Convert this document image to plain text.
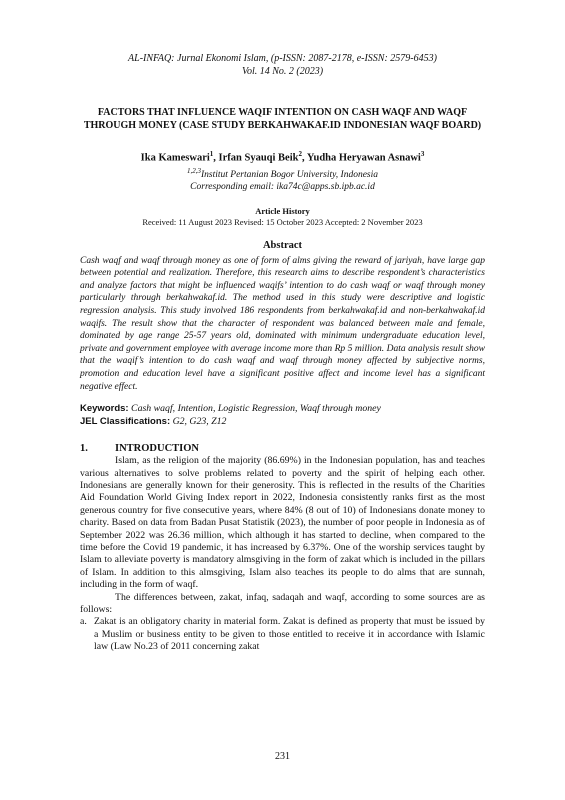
AL-INFAQ: Jurnal Ekonomi Islam, (p-ISSN: 2087-2178, e-ISSN: 2579-6453)
Vol. 14 No. 2 (2023)
FACTORS THAT INFLUENCE WAQIF INTENTION ON CASH WAQF AND WAQF THROUGH MONEY (CASE STUDY BERKAHWAKAF.ID INDONESIAN WAQF BOARD)
Ika Kameswari$^1$, Irfan Syauqi Beik$^2$, Yudha Heryawan Asnawi$^3$
$^{1,2,3}$Institut Pertanian Bogor University, Indonesia
Corresponding email: ika74c@apps.sb.ipb.ac.id
Article History
Received: 11 August 2023 Revised: 15 October 2023 Accepted: 2 November 2023
Abstract
Cash waqf and waqf through money as one of form of alms giving the reward of jariyah, have large gap between potential and realization. Therefore, this research aims to describe respondent’s characteristics and analyze factors that might be influenced waqifs’ intention to do cash waqf or waqf through money particularly through berkahwakaf.id. The method used in this study were descriptive and logistic regression analysis. This study involved 186 respondents from berkahwakaf.id and non-berkahwakaf.id waqifs. The result show that the character of respondent was balanced between male and female, dominated by age range 25-57 years old, dominated with minimum undergraduate education level, private and government employee with average income more than Rp 5 million. Data analysis result show that the waqif’s intention to do cash waqf and waqf through money affected by subjective norms, promotion and education level have a significant positive affect and income level has a significant negative effect.
Keywords: Cash waqf, Intention, Logistic Regression, Waqf through money
JEL Classifications: G2, G23, Z12
1.	INTRODUCTION
Islam, as the religion of the majority (86.69%) in the Indonesian population, has and teaches various alternatives to solve problems related to poverty and the spirit of helping each other. Indonesians are generally known for their generosity. This is reflected in the results of the Charities Aid Foundation World Giving Index report in 2022, Indonesia consistently ranks first as the most generous country for five consecutive years, where 84% (8 out of 10) of Indonesians donate money to charity. Based on data from Badan Pusat Statistik (2023), the number of poor people in Indonesia as of September 2022 was 26.36 million, which although it has started to decline, when compared to the time before the Covid 19 pandemic, it has increased by 6.37%. One of the worship services taught by Islam to alleviate poverty is mandatory almsgiving in the form of zakat which is included in the pillars of Islam. In addition to this almsgiving, Islam also teaches its people to do alms that are sunnah, including in the form of waqf.
The differences between, zakat, infaq, sadaqah and waqf, according to some sources are as follows:
a. Zakat is an obligatory charity in material form. Zakat is defined as property that must be issued by a Muslim or business entity to be given to those entitled to receive it in accordance with Islamic law (Law No.23 of 2011 concerning zakat
231
